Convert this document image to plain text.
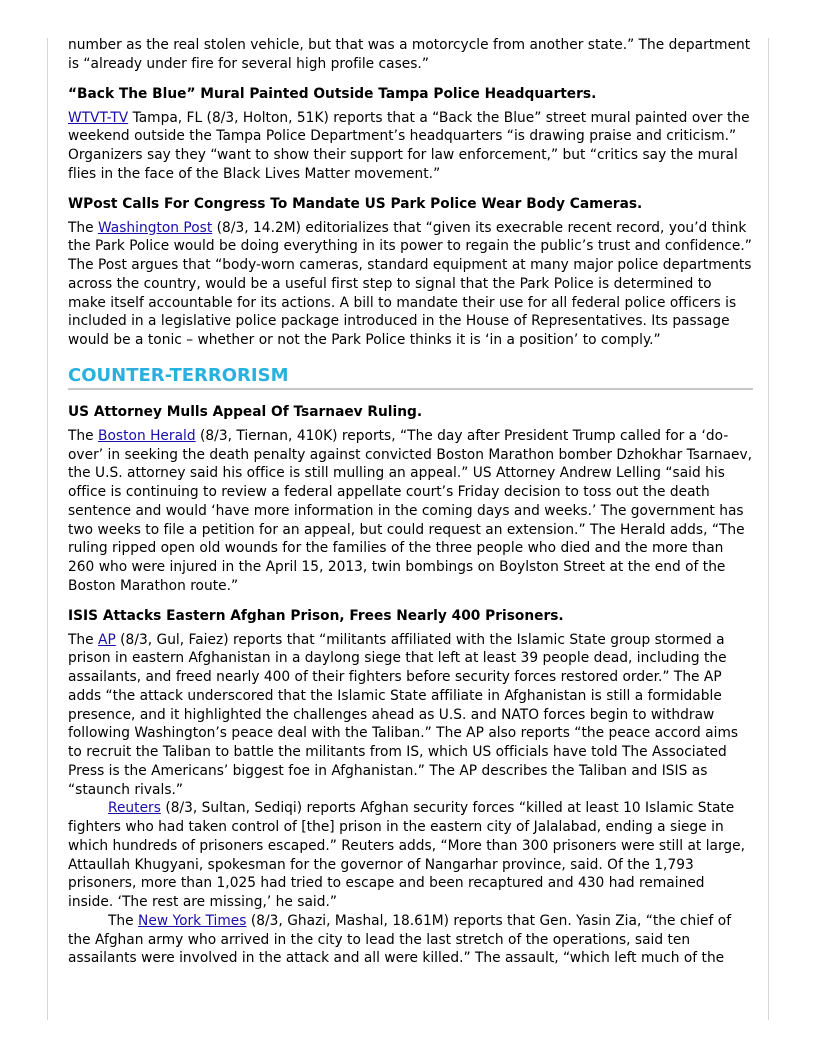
number as the real stolen vehicle, but that was a motorcycle from another state.” The department is “already under fire for several high profile cases.”

“Back The Blue” Mural Painted Outside Tampa Police Headquarters.

WTVT-TV Tampa, FL (8/3, Holton, 51K) reports that a “Back the Blue” street mural painted over the weekend outside the Tampa Police Department’s headquarters “is drawing praise and criticism.” Organizers say they “want to show their support for law enforcement,” but “critics say the mural flies in the face of the Black Lives Matter movement.”

WPost Calls For Congress To Mandate US Park Police Wear Body Cameras.

The Washington Post (8/3, 14.2M) editorializes that “given its execrable recent record, you’d think the Park Police would be doing everything in its power to regain the public’s trust and confidence.” The Post argues that “body-worn cameras, standard equipment at many major police departments across the country, would be a useful first step to signal that the Park Police is determined to make itself accountable for its actions. A bill to mandate their use for all federal police officers is included in a legislative police package introduced in the House of Representatives. Its passage would be a tonic – whether or not the Park Police thinks it is ‘in a position’ to comply.”

COUNTER-TERRORISM
US Attorney Mulls Appeal Of Tsarnaev Ruling.

The Boston Herald (8/3, Tiernan, 410K) reports, “The day after President Trump called for a ‘do-over’ in seeking the death penalty against convicted Boston Marathon bomber Dzhokhar Tsarnaev, the U.S. attorney said his office is still mulling an appeal.” US Attorney Andrew Lelling “said his office is continuing to review a federal appellate court’s Friday decision to toss out the death sentence and would ‘have more information in the coming days and weeks.’ The government has two weeks to file a petition for an appeal, but could request an extension.” The Herald adds, “The ruling ripped open old wounds for the families of the three people who died and the more than 260 who were injured in the April 15, 2013, twin bombings on Boylston Street at the end of the Boston Marathon route.”

ISIS Attacks Eastern Afghan Prison, Frees Nearly 400 Prisoners.

The AP (8/3, Gul, Faiez) reports that “militants affiliated with the Islamic State group stormed a prison in eastern Afghanistan in a daylong siege that left at least 39 people dead, including the assailants, and freed nearly 400 of their fighters before security forces restored order.” The AP adds “the attack underscored that the Islamic State affiliate in Afghanistan is still a formidable presence, and it highlighted the challenges ahead as U.S. and NATO forces begin to withdraw following Washington’s peace deal with the Taliban.” The AP also reports “the peace accord aims to recruit the Taliban to battle the militants from IS, which US officials have told The Associated Press is the Americans’ biggest foe in Afghanistan.” The AP describes the Taliban and ISIS as “staunch rivals.”

Reuters (8/3, Sultan, Sediqi) reports Afghan security forces “killed at least 10 Islamic State fighters who had taken control of [the] prison in the eastern city of Jalalabad, ending a siege in which hundreds of prisoners escaped.” Reuters adds, “More than 300 prisoners were still at large, Attaullah Khugyani, spokesman for the governor of Nangarhar province, said. Of the 1,793 prisoners, more than 1,025 had tried to escape and been recaptured and 430 had remained inside. ‘The rest are missing,’ he said.”

The New York Times (8/3, Ghazi, Mashal, 18.61M) reports that Gen. Yasin Zia, “the chief of the Afghan army who arrived in the city to lead the last stretch of the operations, said ten assailants were involved in the attack and all were killed.” The assault, “which left much of the
